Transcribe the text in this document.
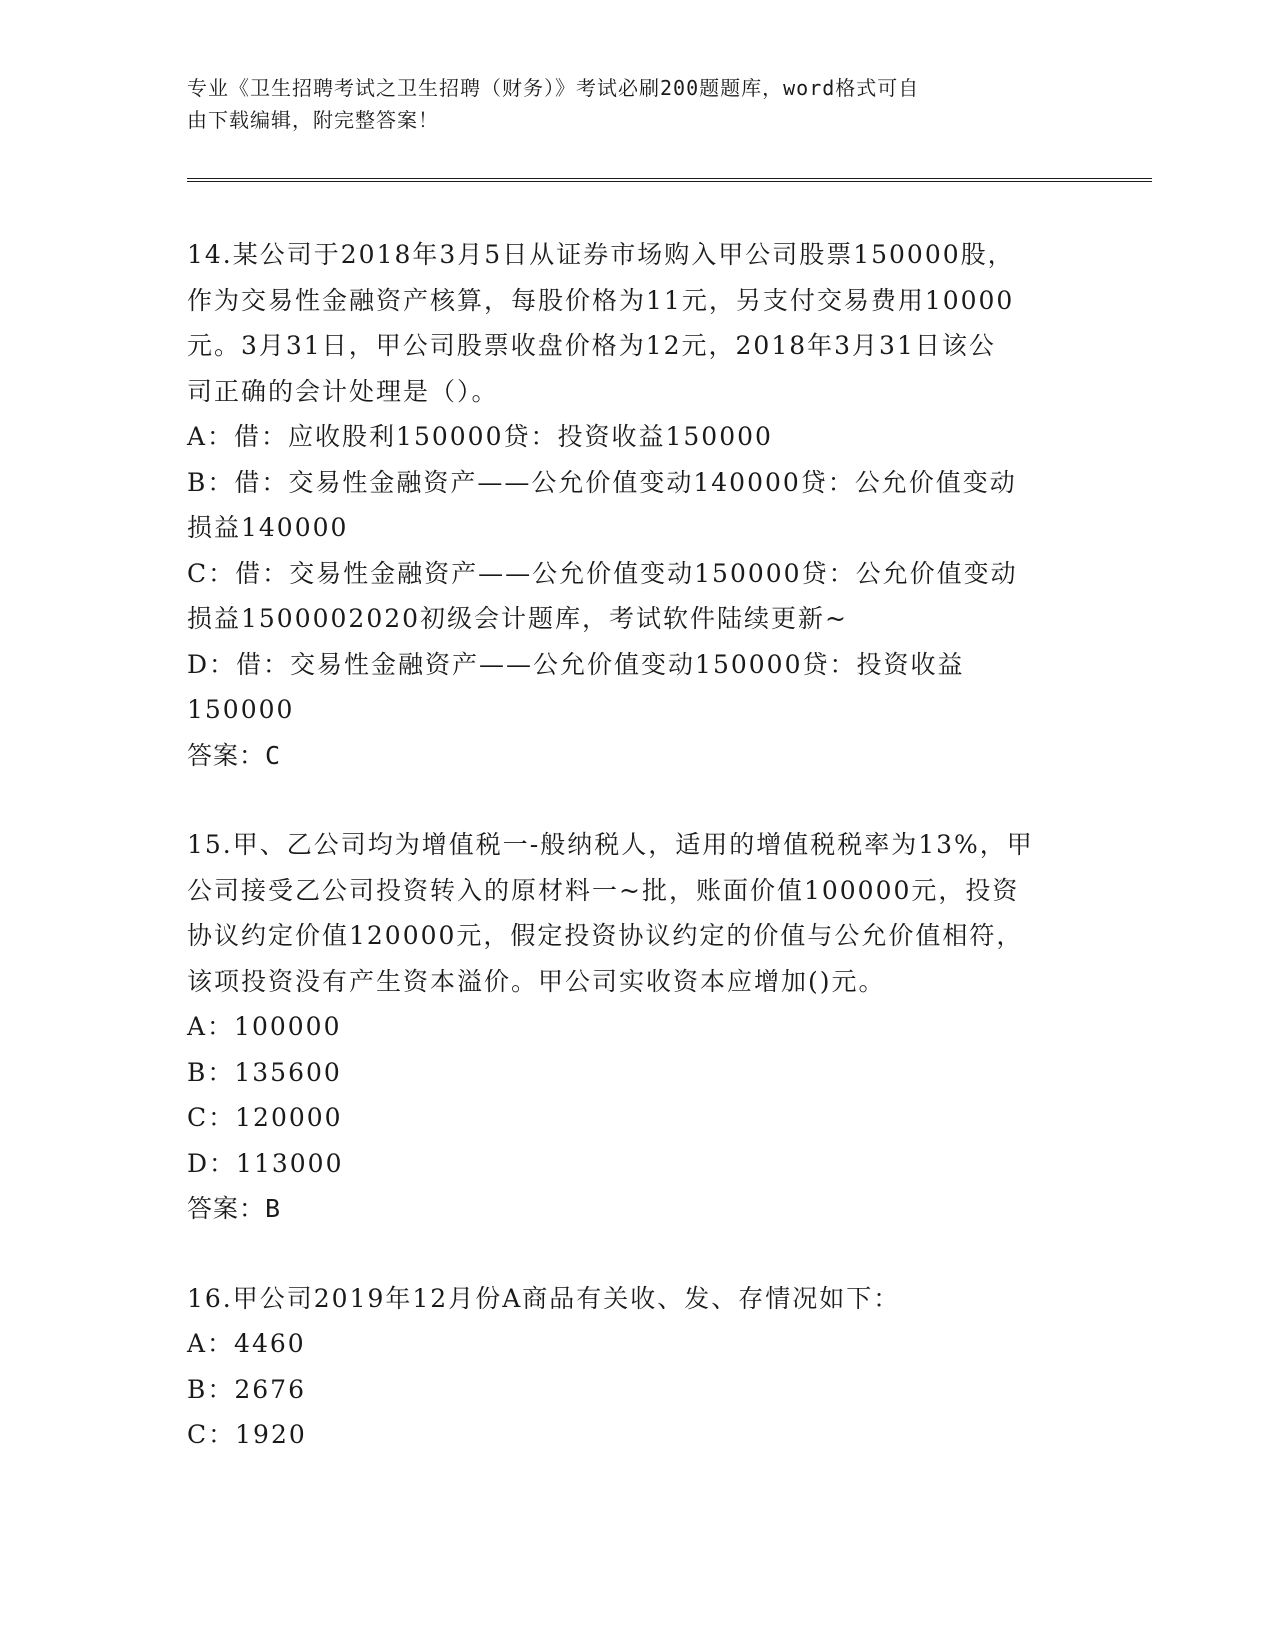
专业《卫生招聘考试之卫生招聘（财务）》考试必刷200题题库，word格式可自
由下载编辑，附完整答案！
14.某公司于2018年3月5日从证券市场购入甲公司股票150000股，
作为交易性金融资产核算，每股价格为11元，另支付交易费用10000
元。3月31日，甲公司股票收盘价格为12元，2018年3月31日该公
司正确的会计处理是（）。
A：借：应收股利150000贷：投资收益150000
B：借：交易性金融资产——公允价值变动140000贷：公允价值变动
损益140000
C：借：交易性金融资产——公允价值变动150000贷：公允价值变动
损益1500002020初级会计题库，考试软件陆续更新~
D：借：交易性金融资产——公允价值变动150000贷：投资收益
150000
答案：C
15.甲、乙公司均为增值税一-般纳税人，适用的增值税税率为13%，甲
公司接受乙公司投资转入的原材料一~批，账面价值100000元，投资
协议约定价值120000元，假定投资协议约定的价值与公允价值相符，
该项投资没有产生资本溢价。甲公司实收资本应增加()元。
A：100000
B：135600
C：120000
D：113000
答案：B
16.甲公司2019年12月份A商品有关收、发、存情况如下：
A：4460
B：2676
C：1920
